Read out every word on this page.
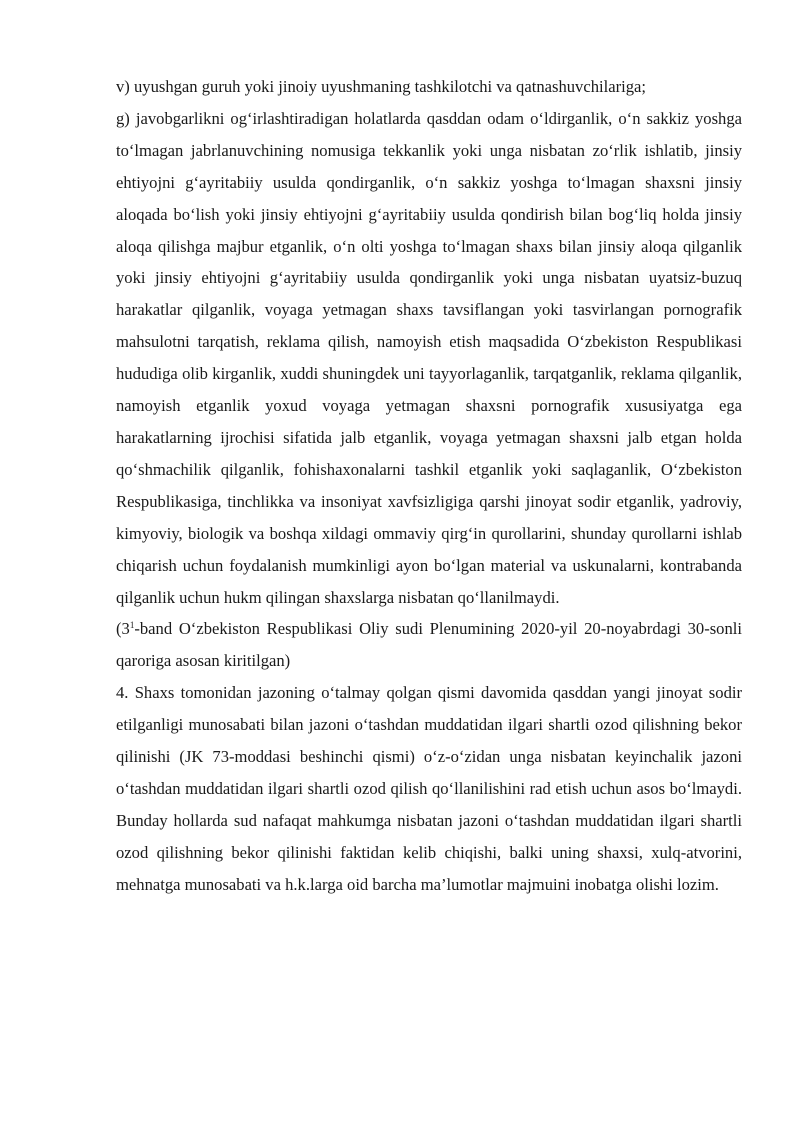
v) uyushgan guruh yoki jinoiy uyushmaning tashkilotchi va qatnashuvchilariga;

g) javobgarlikni og‘irlashtiradigan holatlarda qasddan odam o‘ldirganlik, o‘n sakkiz yoshga to‘lmagan jabrlanuvchining nomusiga tekkanlik yoki unga nisbatan zo‘rlik ishlatib, jinsiy ehtiyojni g‘ayritabiiy usulda qondirganlik, o‘n sakkiz yoshga to‘lmagan shaxsni jinsiy aloqada bo‘lish yoki jinsiy ehtiyojni g‘ayritabiiy usulda qondirish bilan bog‘liq holda jinsiy aloqa qilishga majbur etganlik, o‘n olti yoshga to‘lmagan shaxs bilan jinsiy aloqa qilganlik yoki jinsiy ehtiyojni g‘ayritabiiy usulda qondirganlik yoki unga nisbatan uyatsiz-buzuq harakatlar qilganlik, voyaga yetmagan shaxs tavsiflangan yoki tasvirlangan pornografik mahsulotni tarqatish, reklama qilish, namoyish etish maqsadida O‘zbekiston Respublikasi hududiga olib kirganlik, xuddi shuningdek uni tayyorlaganlik, tarqatganlik, reklama qilganlik, namoyish etganlik yoxud voyaga yetmagan shaxsni pornografik xususiyatga ega harakatlarning ijrochisi sifatida jalb etganlik, voyaga yetmagan shaxsni jalb etgan holda qo‘shmachilik qilganlik, fohishaxonalarni tashkil etganlik yoki saqlaganlik, O‘zbekiston Respublikasiga, tinchlikka va insoniyat xavfsizligiga qarshi jinoyat sodir etganlik, yadroviy, kimyoviy, biologik va boshqa xildagi ommaviy qirg‘in qurollarini, shunday qurollarni ishlab chiqarish uchun foydalanish mumkinligi ayon bo‘lgan material va uskunalarni, kontrabanda qilganlik uchun hukm qilingan shaxslarga nisbatan qo‘llanilmaydi.

($3^1$-band O‘zbekiston Respublikasi Oliy sudi Plenumining 2020-yil 20-noyabrdagi 30-sonli qaroriga asosan kiritilgan)

4. Shaxs tomonidan jazoning o‘talmay qolgan qismi davomida qasddan yangi jinoyat sodir etilganligi munosabati bilan jazoni o‘tashdan muddatidan ilgari shartli ozod qilishning bekor qilinishi (JK 73-moddasi beshinchi qismi) o‘z-o‘zidan unga nisbatan keyinchalik jazoni o‘tashdan muddatidan ilgari shartli ozod qilish qo‘llanilishini rad etish uchun asos bo‘lmaydi. Bunday hollarda sud nafaqat mahkumga nisbatan jazoni o‘tashdan muddatidan ilgari shartli ozod qilishning bekor qilinishi faktidan kelib chiqishi, balki uning shaxsi, xulq-atvorini, mehnatga munosabati va h.k.larga oid barcha ma’lumotlar majmuini inobatga olishi lozim.
